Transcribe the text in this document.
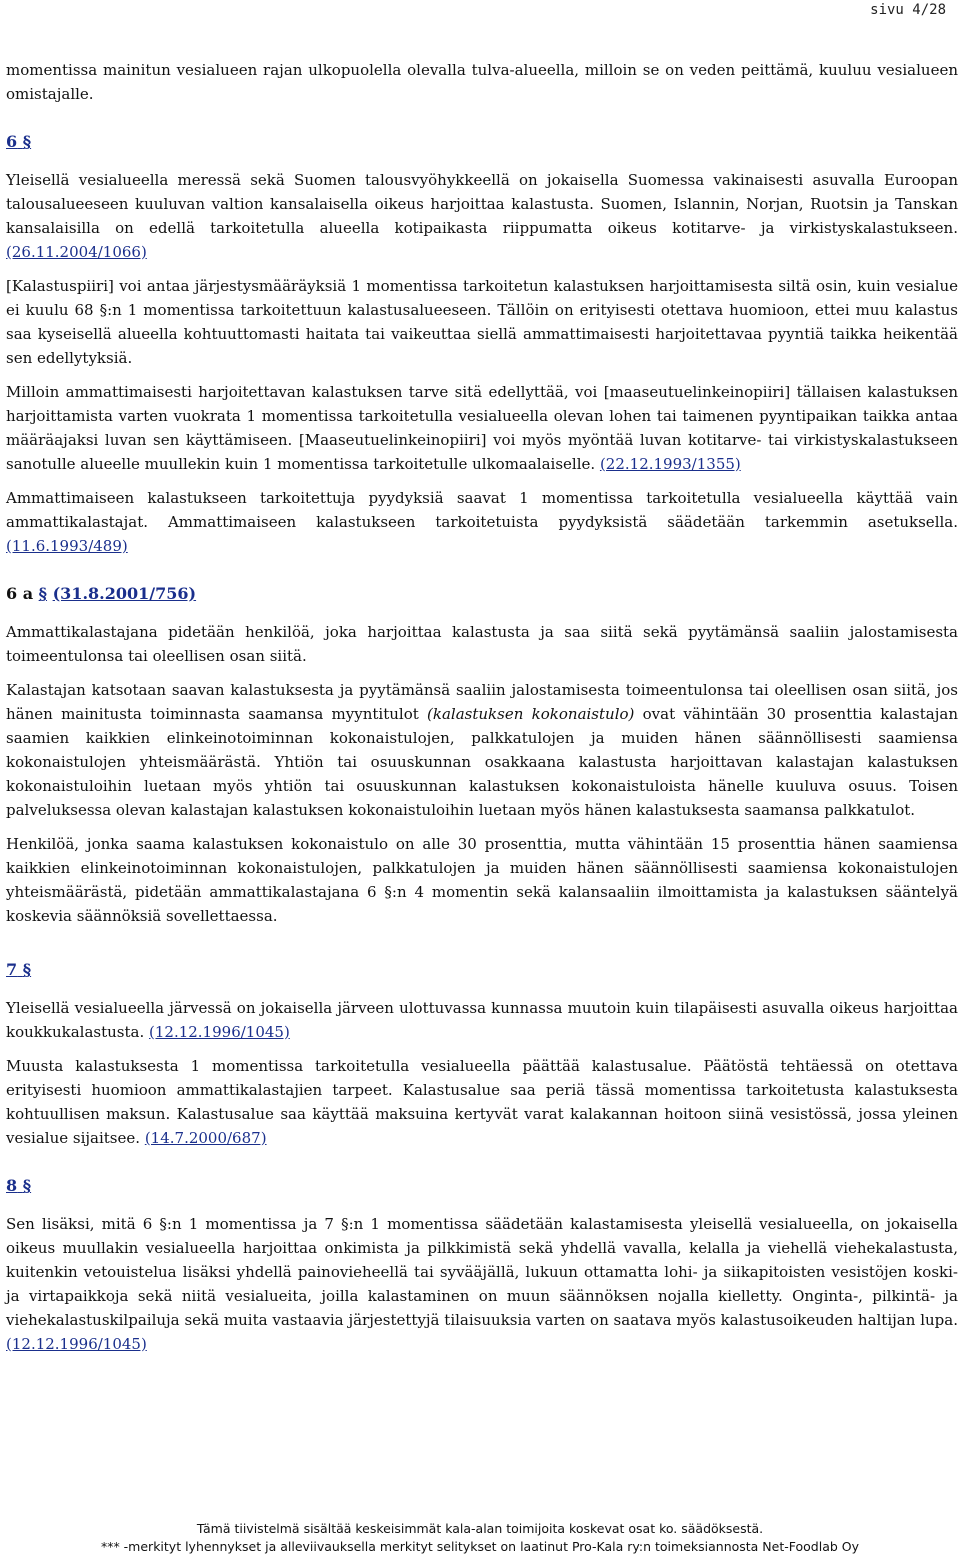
sivu 4/28

momentissa mainitun vesialueen rajan ulkopuolella olevalla tulva-alueella, milloin se on veden peittämä, kuuluu vesialueen omistajalle.

6 §

Yleisellä vesialueella meressä sekä Suomen talousvyöhykkeellä on jokaisella Suomessa vakinaisesti asuvalla Euroopan talousalueeseen kuuluvan valtion kansalaisella oikeus harjoittaa kalastusta. Suomen, Islannin, Norjan, Ruotsin ja Tanskan kansalaisilla on edellä tarkoitetulla alueella kotipaikasta riippumatta oikeus kotitarve- ja virkistyskalastukseen. (26.11.2004/1066)

[Kalastuspiiri] voi antaa järjestysmääräyksiä 1 momentissa tarkoitetun kalastuksen harjoittamisesta siltä osin, kuin vesialue ei kuulu 68 §:n 1 momentissa tarkoitettuun kalastusalueeseen. Tällöin on erityisesti otettava huomioon, ettei muu kalastus saa kyseisellä alueella kohtuuttomasti haitata tai vaikeuttaa siellä ammattimaisesti harjoitettavaa pyyntiä taikka heikentää sen edellytyksiä.

Milloin ammattimaisesti harjoitettavan kalastuksen tarve sitä edellyttää, voi [maaseutuelinkeinopiiri] tällaisen kalastuksen harjoittamista varten vuokrata 1 momentissa tarkoitetulla vesialueella olevan lohen tai taimenen pyyntipaikan taikka antaa määräajaksi luvan sen käyttämiseen. [Maaseutuelinkeinopiiri] voi myös myöntää luvan kotitarve- tai virkistyskalastukseen sanotulle alueelle muullekin kuin 1 momentissa tarkoitetulle ulkomaalaiselle. (22.12.1993/1355)

Ammattimaiseen kalastukseen tarkoitettuja pyydyksiä saavat 1 momentissa tarkoitetulla vesialueella käyttää vain ammattikalastajat. Ammattimaiseen kalastukseen tarkoitetuista pyydyksistä säädetään tarkemmin asetuksella. (11.6.1993/489)

6 a § (31.8.2001/756)

Ammattikalastajana pidetään henkilöä, joka harjoittaa kalastusta ja saa siitä sekä pyytämänsä saaliin jalostamisesta toimeentulonsa tai oleellisen osan siitä.

Kalastajan katsotaan saavan kalastuksesta ja pyytämänsä saaliin jalostamisesta toimeentulonsa tai oleellisen osan siitä, jos hänen mainitusta toiminnasta saamansa myyntitulot (kalastuksen kokonaistulo) ovat vähintään 30 prosenttia kalastajan saamien kaikkien elinkeinotoiminnan kokonaistulojen, palkkatulojen ja muiden hänen säännöllisesti saamiensa kokonaistulojen yhteismäärästä. Yhtiön tai osuuskunnan osakkaana kalastusta harjoittavan kalastajan kalastuksen kokonaistuloihin luetaan myös yhtiön tai osuuskunnan kalastuksen kokonaistuloista hänelle kuuluva osuus. Toisen palveluksessa olevan kalastajan kalastuksen kokonaistuloihin luetaan myös hänen kalastuksesta saamansa palkkatulot.

Henkilöä, jonka saama kalastuksen kokonaistulo on alle 30 prosenttia, mutta vähintään 15 prosenttia hänen saamiensa kaikkien elinkeinotoiminnan kokonaistulojen, palkkatulojen ja muiden hänen säännöllisesti saamiensa kokonaistulojen yhteismäärästä, pidetään ammattikalastajana 6 §:n 4 momentin sekä kalansaaliin ilmoittamista ja kalastuksen sääntelyä koskevia säännöksiä sovellettaessa.

7 §

Yleisellä vesialueella järvessä on jokaisella järveen ulottuvassa kunnassa muutoin kuin tilapäisesti asuvalla oikeus harjoittaa koukkukalastusta. (12.12.1996/1045)

Muusta kalastuksesta 1 momentissa tarkoitetulla vesialueella päättää kalastusalue. Päätöstä tehtäessä on otettava erityisesti huomioon ammattikalastajien tarpeet. Kalastusalue saa periä tässä momentissa tarkoitetusta kalastuksesta kohtuullisen maksun. Kalastusalue saa käyttää maksuina kertyvät varat kalakannan hoitoon siinä vesistössä, jossa yleinen vesialue sijaitsee. (14.7.2000/687)

8 §

Sen lisäksi, mitä 6 §:n 1 momentissa ja 7 §:n 1 momentissa säädetään kalastamisesta yleisellä vesialueella, on jokaisella oikeus muullakin vesialueella harjoittaa onkimista ja pilkkimistä sekä yhdellä vavalla, kelalla ja viehellä viehekalastusta, kuitenkin vetouistelua lisäksi yhdellä painovieheellä tai syvääjällä, lukuun ottamatta lohi- ja siikapitoisten vesistöjen koski- ja virtapaikkoja sekä niitä vesialueita, joilla kalastaminen on muun säännöksen nojalla kielletty. Onginta-, pilkintä- ja viehekalastuskilpailuja sekä muita vastaavia järjestettyjä tilaisuuksia varten on saatava myös kalastusoikeuden haltijan lupa. (12.12.1996/1045)

Tämä tiivistelmä sisältää keskeisimmät kala-alan toimijoita koskevat osat ko. säädöksestä.
*** -merkityt lyhennykset ja alleviivauksella merkityt selitykset on laatinut Pro-Kala ry:n toimeksiannosta Net-Foodlab Oy
